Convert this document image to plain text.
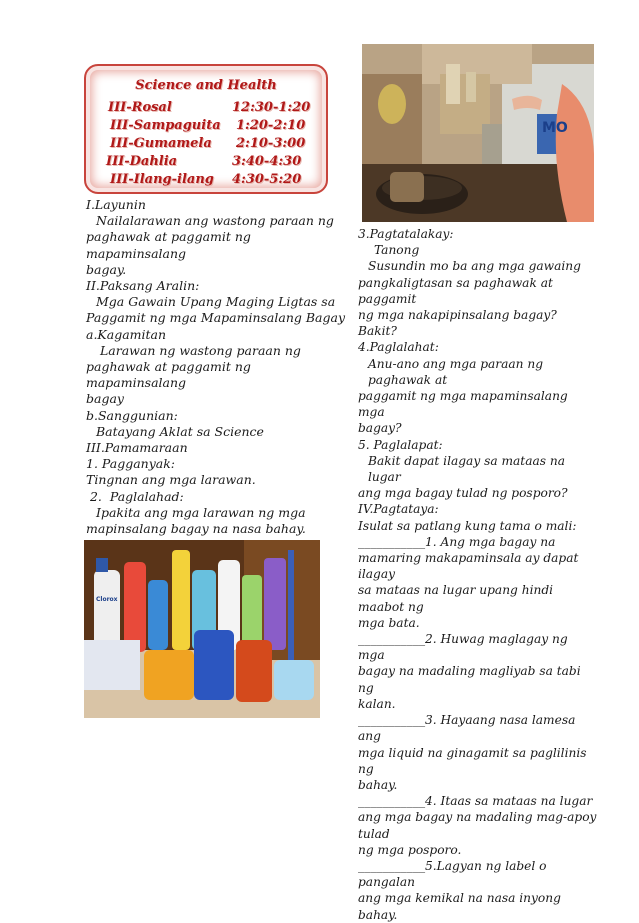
Science and Health
III-Rosal	12:30-1:20
III-Sampaguita 1:20-2:10
III-Gumamela 2:10-3:00
III-Dahlia	3:40-4:30
III-Ilang-ilang 4:30-5:20

I.Layunin

Nailalarawan ang wastong paraan ng

paghawak at paggamit ng mapaminsalang

bagay.

II.Paksang Aralin:

Mga Gawain Upang Maging Ligtas sa

Paggamit ng mga Mapaminsalang Bagay

a.Kagamitan

Larawan ng wastong paraan ng

paghawak at paggamit ng mapaminsalang

bagay

b.Sanggunian:

Batayang Aklat sa Science

III.Pamamaraan

1. Pagganyak:

Tingnan ang mga larawan.

2.  Paglalahad:

Ipakita ang mga larawan ng mga

mapinsalang bagay na nasa bahay.

3.Pagtatalakay:

Tanong

Susundin mo ba ang mga gawaing

pangkaligtasan sa paghawak at paggamit

ng mga nakapipinsalang bagay? Bakit?

4.Paglalahat:

Anu-ano ang mga paraan ng paghawak at

paggamit ng mga mapaminsalang mga

bagay?

5. Paglalapat:

Bakit dapat ilagay sa mataas na lugar

ang mga bagay tulad ng posporo?

IV.Pagtataya:

Isulat sa patlang kung tama o mali:

___________1. Ang mga bagay na

mamaring makapaminsala ay dapat ilagay

sa mataas na lugar upang hindi maabot ng

mga bata.

___________2. Huwag maglagay ng mga

bagay na madaling magliyab sa tabi ng

kalan.

___________3. Hayaang nasa lamesa ang

mga liquid na ginagamit sa paglilinis ng

bahay.

___________4. Itaas sa mataas na lugar

ang mga bagay na madaling mag-apoy tulad

ng mga posporo.

___________5.Lagyan ng label o pangalan

ang mga kemikal na nasa inyong bahay.

MO
Clorox
